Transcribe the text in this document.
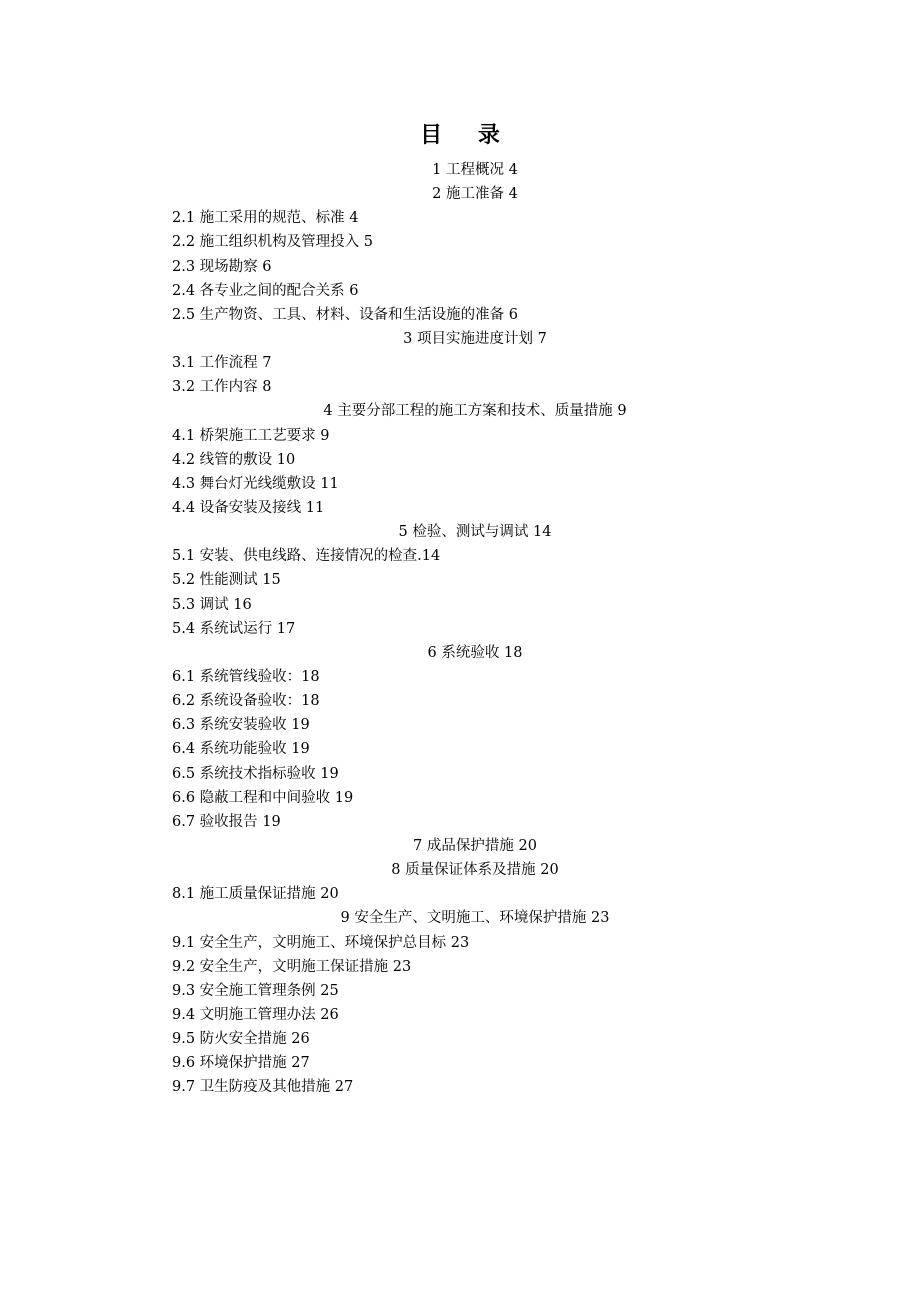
目 录
1 工程概况 4
2 施工准备 4
2.1 施工采用的规范、标准 4
2.2 施工组织机构及管理投入 5
2.3 现场勘察 6
2.4 各专业之间的配合关系 6
2.5 生产物资、工具、材料、设备和生活设施的准备 6
3 项目实施进度计划 7
3.1 工作流程 7
3.2 工作内容 8
4 主要分部工程的施工方案和技术、质量措施 9
4.1 桥架施工工艺要求 9
4.2 线管的敷设 10
4.3 舞台灯光线缆敷设 11
4.4 设备安装及接线 11
5 检验、测试与调试 14
5.1 安装、供电线路、连接情况的检查.14
5.2 性能测试 15
5.3 调试 16
5.4 系统试运行 17
6 系统验收 18
6.1 系统管线验收：18
6.2 系统设备验收：18
6.3 系统安装验收 19
6.4 系统功能验收 19
6.5 系统技术指标验收 19
6.6 隐蔽工程和中间验收 19
6.7 验收报告 19
7 成品保护措施 20
8 质量保证体系及措施 20
8.1 施工质量保证措施 20
9 安全生产、文明施工、环境保护措施 23
9.1 安全生产，文明施工、环境保护总目标 23
9.2 安全生产，文明施工保证措施 23
9.3 安全施工管理条例 25
9.4 文明施工管理办法 26
9.5 防火安全措施 26
9.6 环境保护措施 27
9.7 卫生防疫及其他措施 27
